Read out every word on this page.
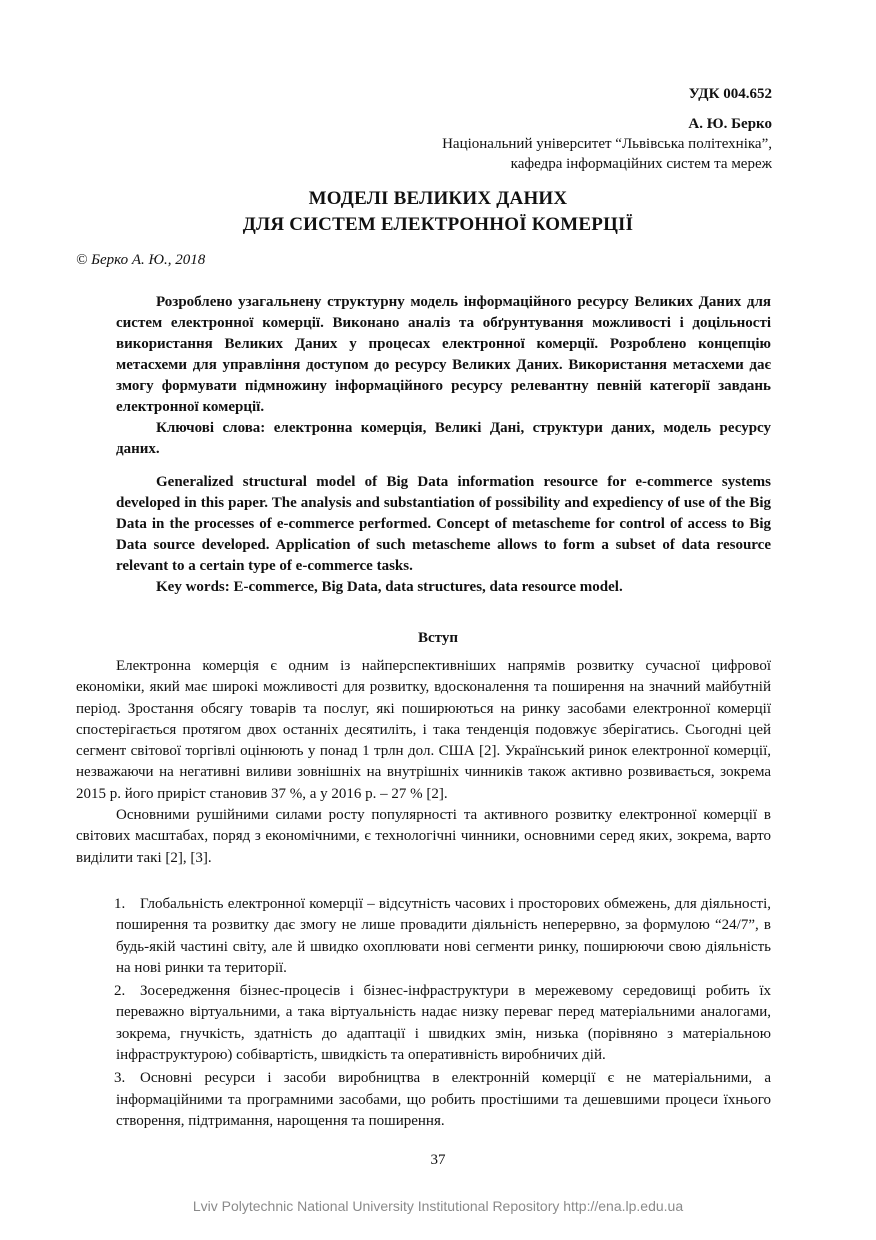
УДК 004.652
А. Ю. Берко
Національний університет “Львівська політехніка”,
кафедра інформаційних систем та мереж
МОДЕЛІ ВЕЛИКИХ ДАНИХ
ДЛЯ СИСТЕМ ЕЛЕКТРОННОЇ КОМЕРЦІЇ
© Берко А. Ю., 2018

Розроблено узагальнену структурну модель інформаційного ресурсу Великих Даних для систем електронної комерції. Виконано аналіз та обґрунтування можливості і доцільності використання Великих Даних у процесах електронної комерції. Розроблено концепцію метасхеми для управління доступом до ресурсу Великих Даних. Використання метасхеми дає змогу формувати підмножину інформаційного ресурсу релевантну певній категорії завдань електронної комерції.

Ключові слова: електронна комерція, Великі Дані, структури даних, модель ресурсу даних.

Generalized structural model of Big Data information resource for e-commerce systems developed in this paper. The analysis and substantiation of possibility and expediency of use of the Big Data in the processes of e-commerce performed. Concept of metascheme for control of access to Big Data source developed. Application of such metascheme allows to form a subset of data resource relevant to a certain type of e-commerce tasks.

Key words: E-commerce, Big Data, data structures, data resource model.

Вступ

Електронна комерція є одним із найперспективніших напрямів розвитку сучасної цифрової економіки, який має широкі можливості для розвитку, вдосконалення та поширення на значний майбутній період. Зростання обсягу товарів та послуг, які поширюються на ринку засобами електронної комерції спостерігається протягом двох останніх десятиліть, і така тенденція подовжує зберігатись. Сьогодні цей сегмент світової торгівлі оцінюють у понад 1 трлн дол. США [2]. Український ринок електронної комерції, незважаючи на негативні виливи зовнішніх на внутрішніх чинників також активно розвивається, зокрема 2015 р. його приріст становив 37 %, а у 2016 р. – 27 % [2].

Основними рушійними силами росту популярності та активного розвитку електронної комерції в світових масштабах, поряд з економічними, є технологічні чинники, основними серед яких, зокрема, варто виділити такі [2], [3].

1. Глобальність електронної комерції – відсутність часових і просторових обмежень, для діяльності, поширення та розвитку дає змогу не лише провадити діяльність неперервно, за формулою “24/7”, в будь-якій частині світу, але й швидко охоплювати нові сегменти ринку, поширюючи свою діяльність на нові ринки та території.
2. Зосередження бізнес-процесів і бізнес-інфраструктури в мережевому середовищі робить їх переважно віртуальними, а така віртуальність надає низку переваг перед матеріальними аналогами, зокрема, гнучкість, здатність до адаптації і швидких змін, низька (порівняно з матеріальною інфраструктурою) собівартість, швидкість та оперативність виробничих дій.
3. Основні ресурси і засоби виробництва в електронній комерції є не матеріальними, а інформаційними та програмними засобами, що робить простішими та дешевшими процеси їхнього створення, підтримання, нарощення та поширення.
37
Lviv Polytechnic National University Institutional Repository http://ena.lp.edu.ua
